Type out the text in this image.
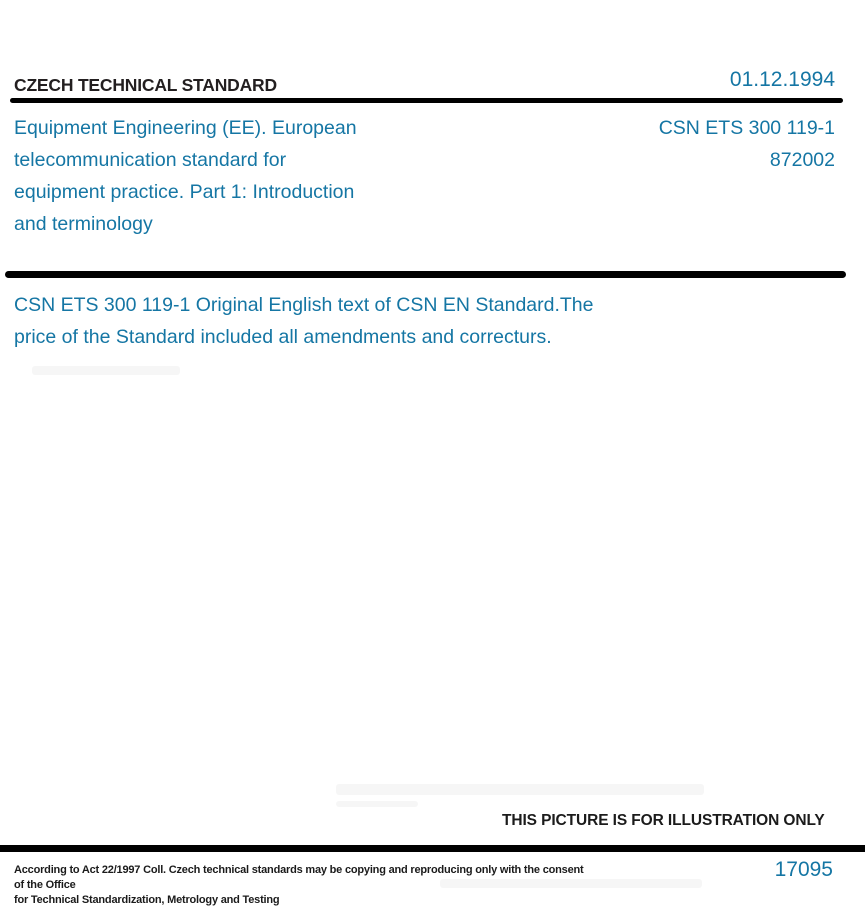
CZECH TECHNICAL STANDARD	01.12.1994
Equipment Engineering (EE). European
telecommunication standard for
equipment practice. Part 1: Introduction
and terminology
CSN ETS 300 119-1
872002
CSN ETS 300 119-1 Original English text of CSN EN Standard.The
price of the Standard included all amendments and correcturs.
THIS PICTURE IS FOR ILLUSTRATION ONLY
According to Act 22/1997 Coll. Czech technical standards may be copying and reproducing only with the consent of the Office
for Technical Standardization, Metrology and Testing
17095
